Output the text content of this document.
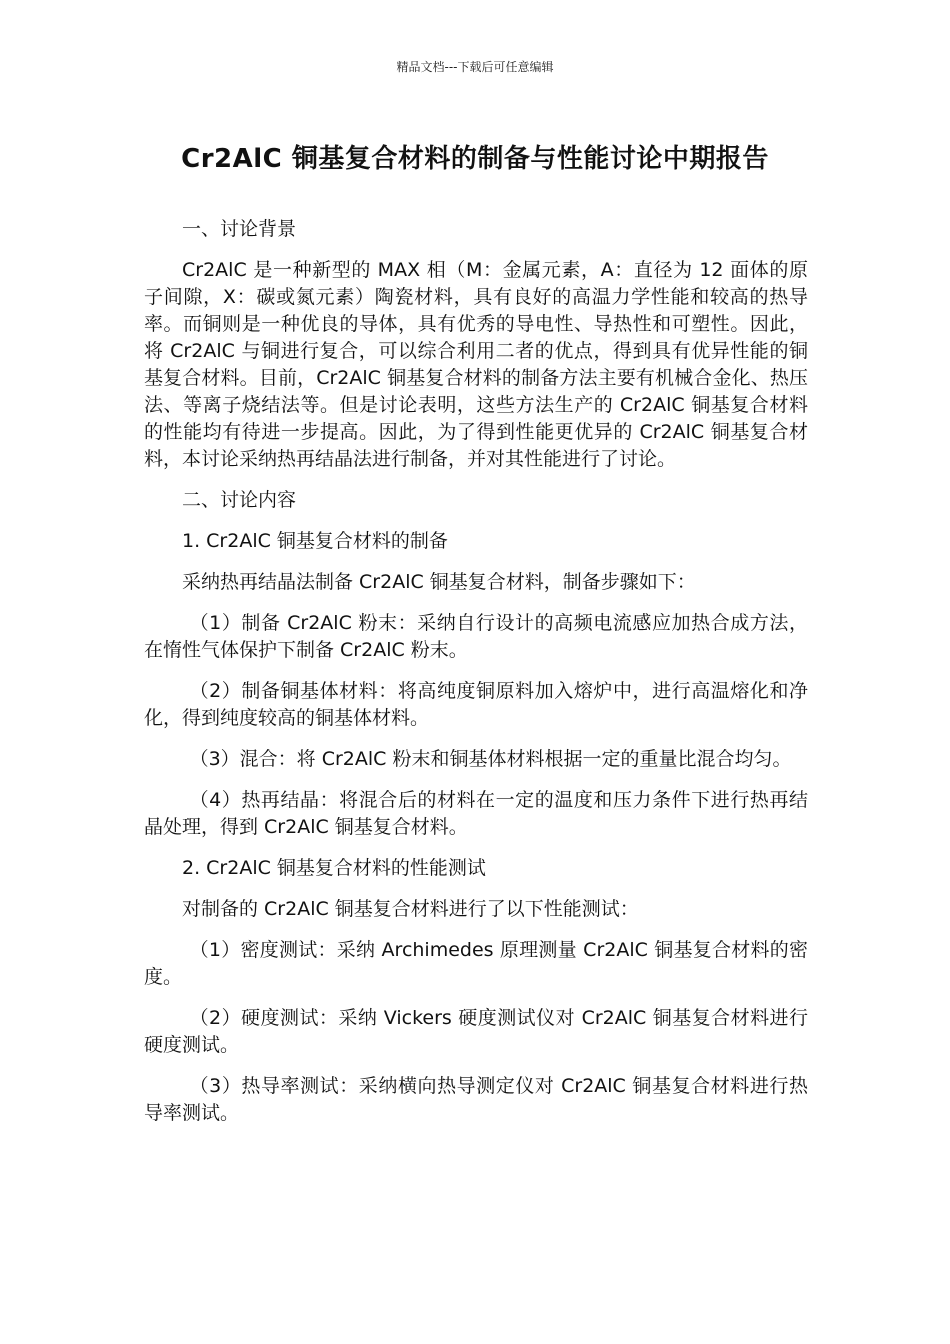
精品文档---下载后可任意编辑
Cr2AlC 铜基复合材料的制备与性能讨论中期报告

一、讨论背景

Cr2AlC 是一种新型的 MAX 相（M：金属元素，A：直径为 12 面体的原子间隙，X：碳或氮元素）陶瓷材料，具有良好的高温力学性能和较高的热导率。而铜则是一种优良的导体，具有优秀的导电性、导热性和可塑性。因此，将 Cr2AlC 与铜进行复合，可以综合利用二者的优点，得到具有优异性能的铜基复合材料。目前，Cr2AlC 铜基复合材料的制备方法主要有机械合金化、热压法、等离子烧结法等。但是讨论表明，这些方法生产的 Cr2AlC 铜基复合材料的性能均有待进一步提高。因此，为了得到性能更优异的 Cr2AlC 铜基复合材料，本讨论采纳热再结晶法进行制备，并对其性能进行了讨论。

二、讨论内容

1. Cr2AlC 铜基复合材料的制备

采纳热再结晶法制备 Cr2AlC 铜基复合材料，制备步骤如下：

（1）制备 Cr2AlC 粉末：采纳自行设计的高频电流感应加热合成方法，在惰性气体保护下制备 Cr2AlC 粉末。

（2）制备铜基体材料：将高纯度铜原料加入熔炉中，进行高温熔化和净化，得到纯度较高的铜基体材料。

（3）混合：将 Cr2AlC 粉末和铜基体材料根据一定的重量比混合均匀。

（4）热再结晶：将混合后的材料在一定的温度和压力条件下进行热再结晶处理，得到 Cr2AlC 铜基复合材料。

2. Cr2AlC 铜基复合材料的性能测试

对制备的 Cr2AlC 铜基复合材料进行了以下性能测试：

（1）密度测试：采纳 Archimedes 原理测量 Cr2AlC 铜基复合材料的密度。

（2）硬度测试：采纳 Vickers 硬度测试仪对 Cr2AlC 铜基复合材料进行硬度测试。

（3）热导率测试：采纳横向热导测定仪对 Cr2AlC 铜基复合材料进行热导率测试。
